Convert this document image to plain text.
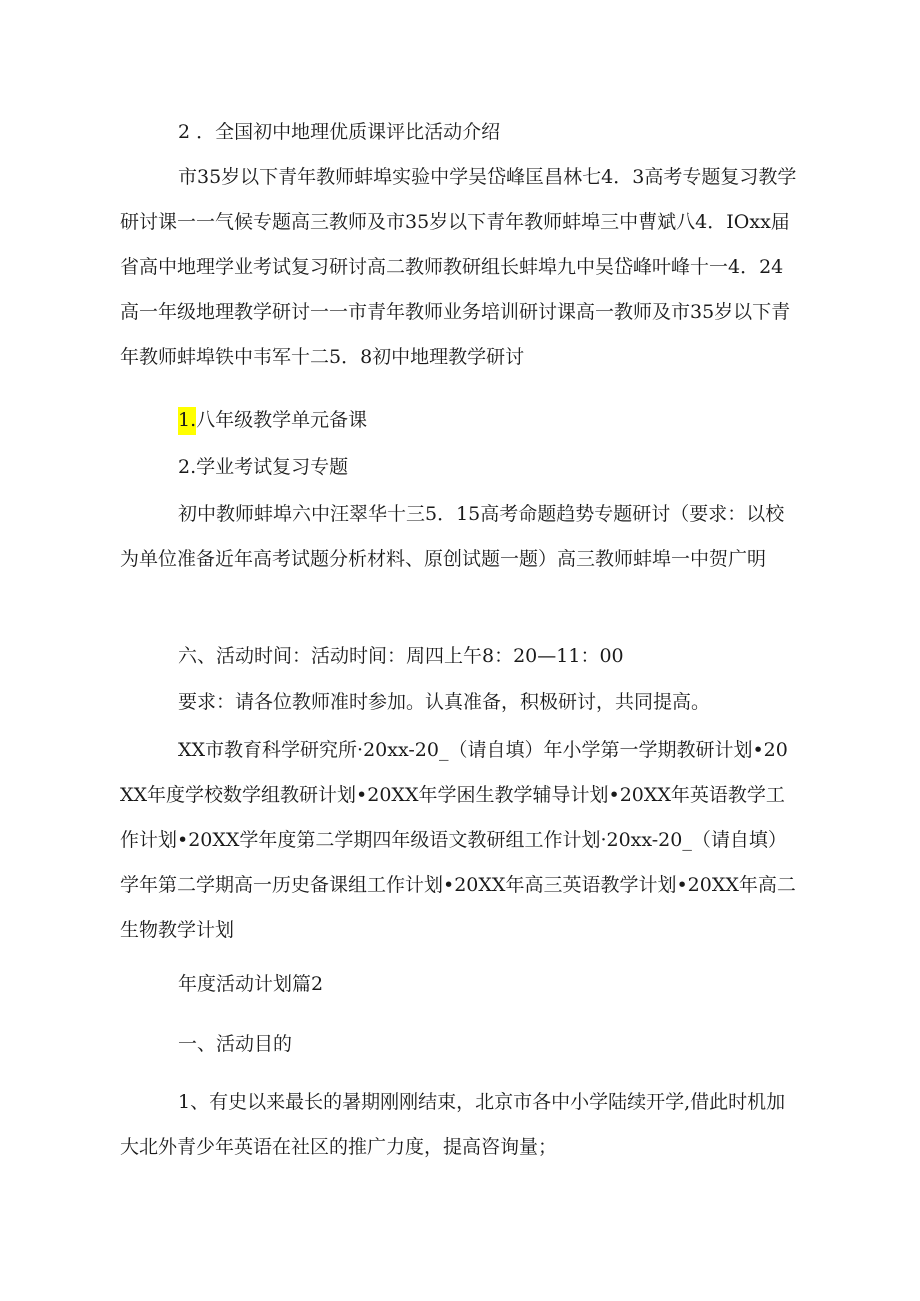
2 ．全国初中地理优质课评比活动介绍

市35岁以下青年教师蚌埠实验中学吴岱峰匡昌林七4．3高考专题复习教学研讨课一一气候专题高三教师及市35岁以下青年教师蚌埠三中曹斌八4．IOxx届省高中地理学业考试复习研讨高二教师教研组长蚌埠九中吴岱峰叶峰十一4．24高一年级地理教学研讨一一市青年教师业务培训研讨课高一教师及市35岁以下青年教师蚌埠铁中韦军十二5．8初中地理教学研讨

1.八年级教学单元备课

2.学业考试复习专题

初中教师蚌埠六中汪翠华十三5．15高考命题趋势专题研讨（要求：以校为单位准备近年高考试题分析材料、原创试题一题）高三教师蚌埠一中贺广明

六、活动时间：活动时间：周四上午8：20—11：00

要求：请各位教师准时参加。认真准备，积极研讨，共同提高。

XX市教育科学研究所·20xx-20_（请自填）年小学第一学期教研计划•20XX年度学校数学组教研计划•20XX年学困生教学辅导计划•20XX年英语教学工作计划•20XX学年度第二学期四年级语文教研组工作计划·20xx-20_（请自填）学年第二学期高一历史备课组工作计划•20XX年高三英语教学计划•20XX年高二生物教学计划

年度活动计划篇2

一、活动目的

1、有史以来最长的暑期刚刚结束，北京市各中小学陆续开学,借此时机加大北外青少年英语在社区的推广力度，提高咨询量；
